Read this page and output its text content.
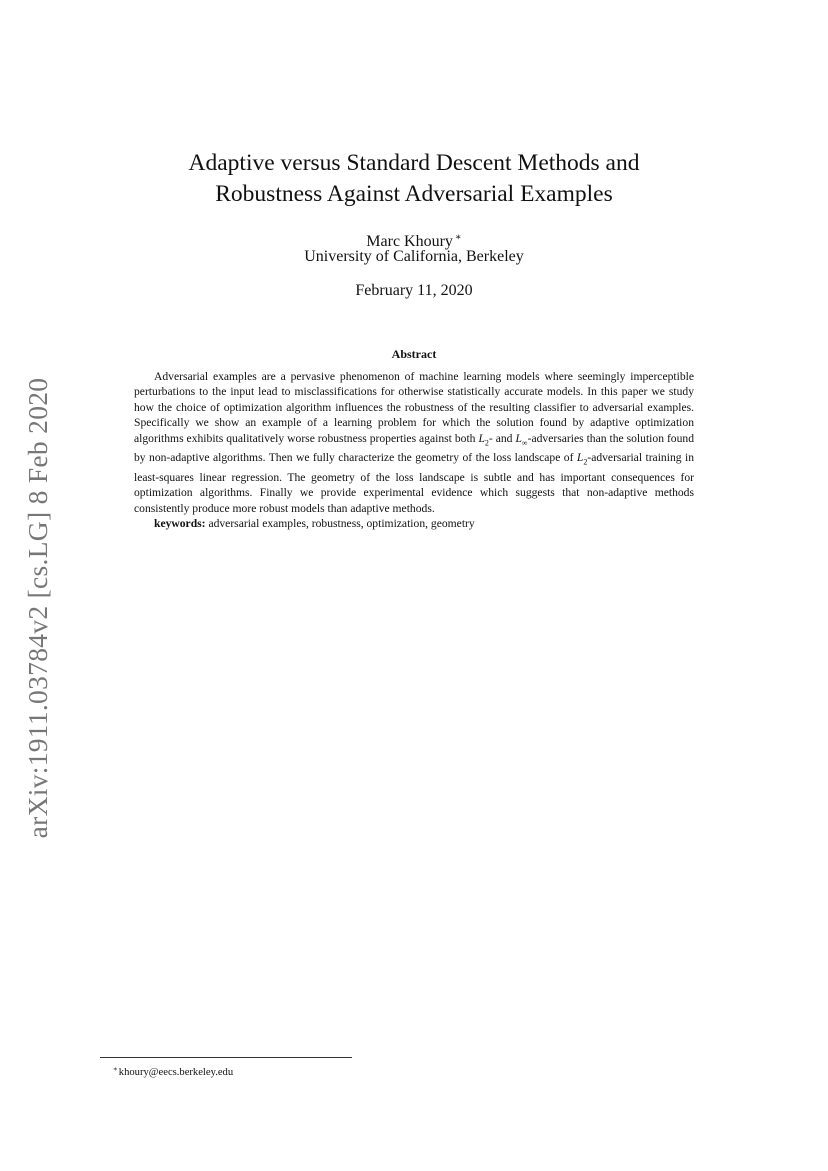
arXiv:1911.03784v2 [cs.LG] 8 Feb 2020
Adaptive versus Standard Descent Methods and
Robustness Against Adversarial Examples
Marc Khoury ∗
University of California, Berkeley
February 11, 2020
Abstract

Adversarial examples are a pervasive phenomenon of machine learning models where seemingly imperceptible perturbations to the input lead to misclassifications for otherwise statistically accurate models. In this paper we study how the choice of optimization algorithm influences the robustness of the resulting classifier to adversarial examples. Specifically we show an example of a learning problem for which the solution found by adaptive optimization algorithms exhibits qualitatively worse robustness properties against both $L_2-$ and $L_\infty$-adversaries than the solution found by non-adaptive algorithms. Then we fully characterize the geometry of the loss landscape of $L_2$-adversarial training in least-squares linear regression. The geometry of the loss landscape is subtle and has important consequences for optimization algorithms. Finally we provide experimental evidence which suggests that non-adaptive methods consistently produce more robust models than adaptive methods.

keywords: adversarial examples, robustness, optimization, geometry

∗khoury@eecs.berkeley.edu
